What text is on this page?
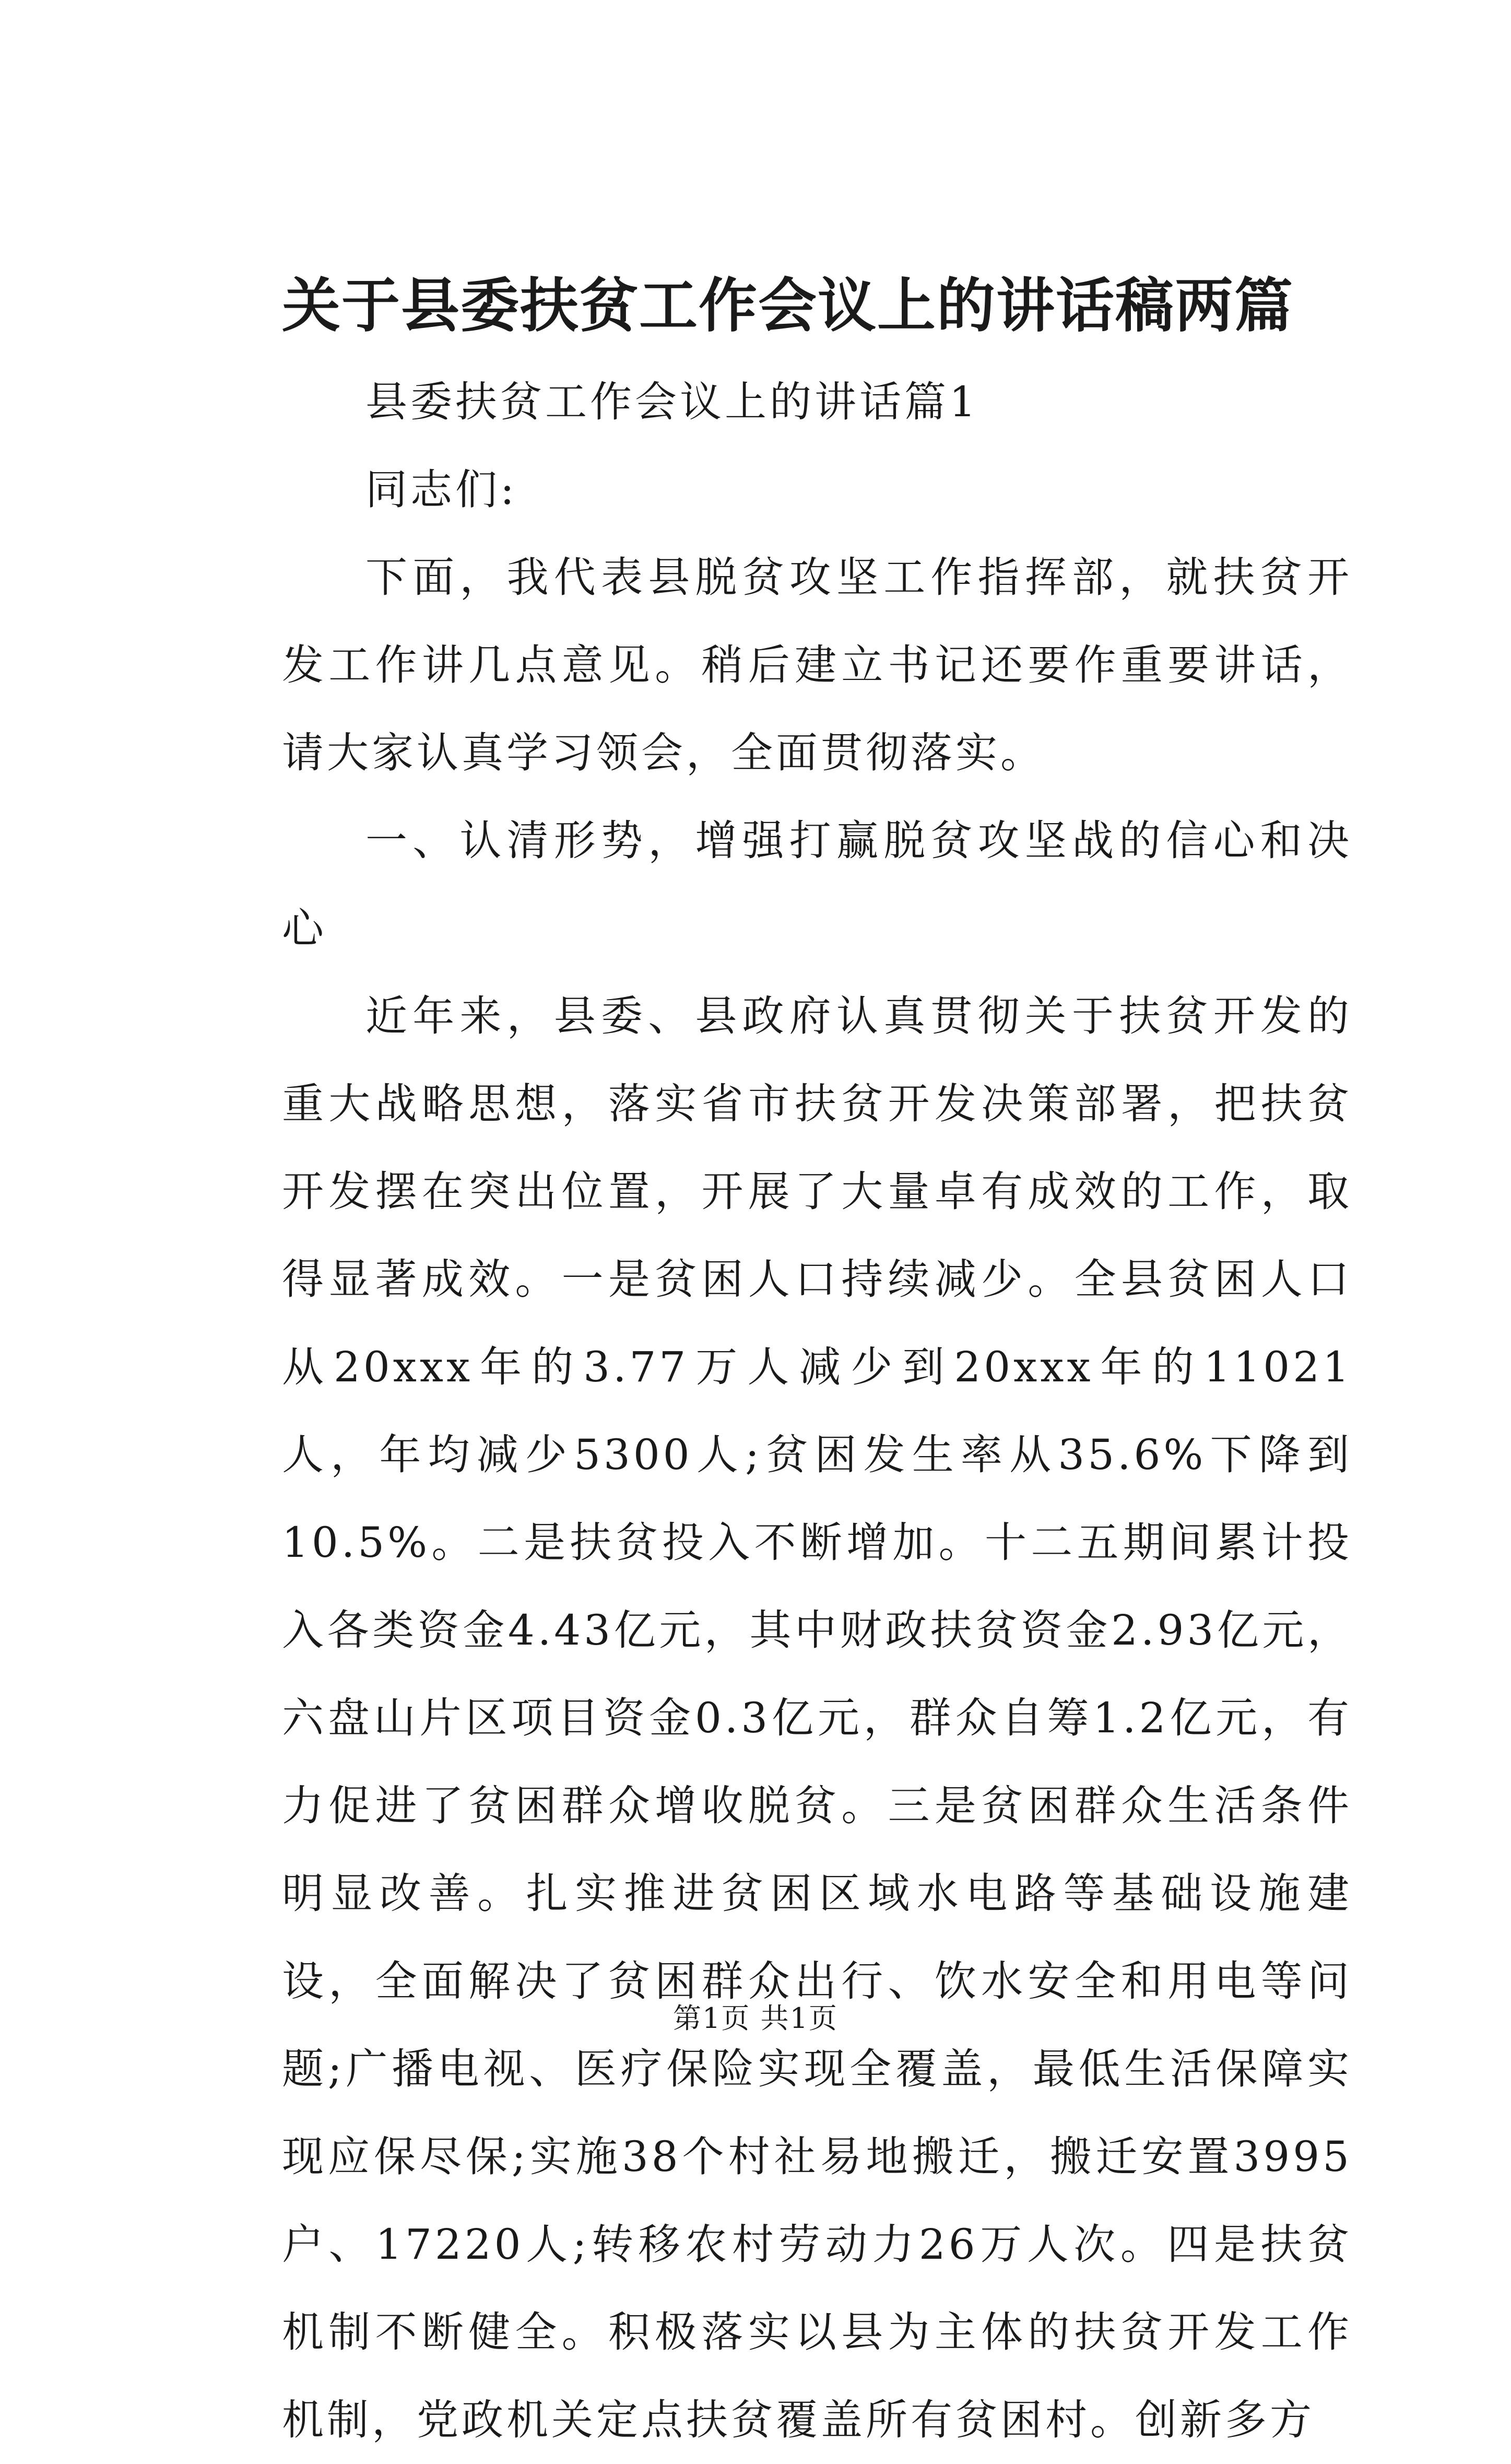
关于县委扶贫工作会议上的讲话稿两篇

县委扶贫工作会议上的讲话篇1

同志们:

下面，我代表县脱贫攻坚工作指挥部，就扶贫开发工作讲几点意见。稍后建立书记还要作重要讲话，请大家认真学习领会，全面贯彻落实。

一、认清形势，增强打赢脱贫攻坚战的信心和决心

近年来，县委、县政府认真贯彻关于扶贫开发的重大战略思想，落实省市扶贫开发决策部署，把扶贫开发摆在突出位置，开展了大量卓有成效的工作，取得显著成效。一是贫困人口持续减少。全县贫困人口从20xxx年的3.77万人减少到20xxx年的11021人，年均减少5300人;贫困发生率从35.6%下降到10.5%。二是扶贫投入不断增加。十二五期间累计投入各类资金4.43亿元，其中财政扶贫资金2.93亿元，六盘山片区项目资金0.3亿元，群众自筹1.2亿元，有力促进了贫困群众增收脱贫。三是贫困群众生活条件明显改善。扎实推进贫困区域水电路等基础设施建设，全面解决了贫困群众出行、饮水安全和用电等问题;广播电视、医疗保险实现全覆盖，最低生活保障实现应保尽保;实施38个村社易地搬迁，搬迁安置3995户、17220人;转移农村劳动力26万人次。四是扶贫机制不断健全。积极落实以县为主体的扶贫开发工作机制，党政机关定点扶贫覆盖所有贫困村。创新多方

第1页 共1页
